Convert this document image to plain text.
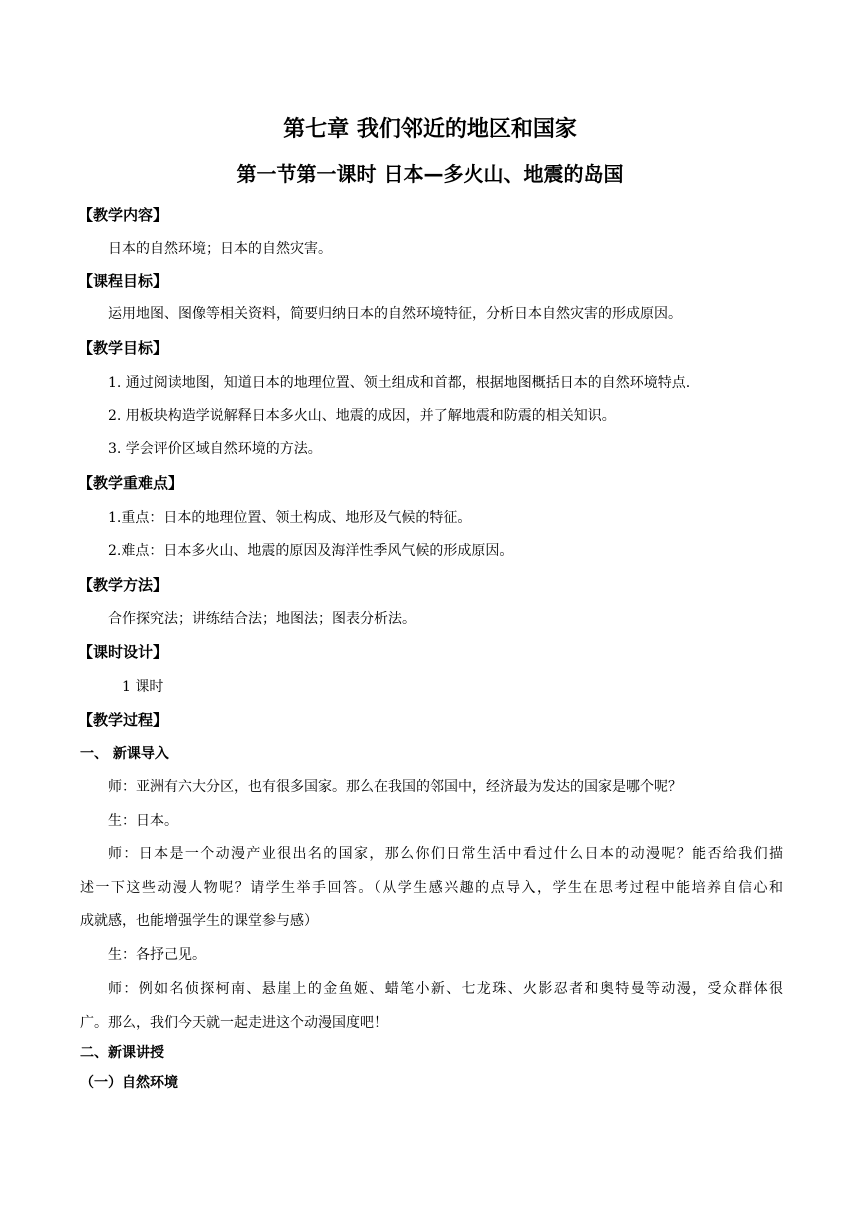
第七章 我们邻近的地区和国家
第一节第一课时 日本—多火山、地震的岛国
【教学内容】
日本的自然环境；日本的自然灾害。
【课程目标】
运用地图、图像等相关资料，简要归纳日本的自然环境特征，分析日本自然灾害的形成原因。
【教学目标】
1. 通过阅读地图，知道日本的地理位置、领土组成和首都，根据地图概括日本的自然环境特点.
2. 用板块构造学说解释日本多火山、地震的成因，并了解地震和防震的相关知识。
3. 学会评价区域自然环境的方法。
【教学重难点】
1.重点：日本的地理位置、领土构成、地形及气候的特征。
2.难点：日本多火山、地震的原因及海洋性季风气候的形成原因。
【教学方法】
合作探究法；讲练结合法；地图法；图表分析法。
【课时设计】
1 课时
【教学过程】
一、 新课导入
师：亚洲有六大分区，也有很多国家。那么在我国的邻国中，经济最为发达的国家是哪个呢？
生：日本。
师：日本是一个动漫产业很出名的国家，那么你们日常生活中看过什么日本的动漫呢？能否给我们描
述一下这些动漫人物呢？请学生举手回答。（从学生感兴趣的点导入，学生在思考过程中能培养自信心和
成就感，也能增强学生的课堂参与感）
生：各抒己见。
师：例如名侦探柯南、悬崖上的金鱼姬、蜡笔小新、七龙珠、火影忍者和奥特曼等动漫，受众群体很
广。那么，我们今天就一起走进这个动漫国度吧！
二、新课讲授
（一）自然环境
